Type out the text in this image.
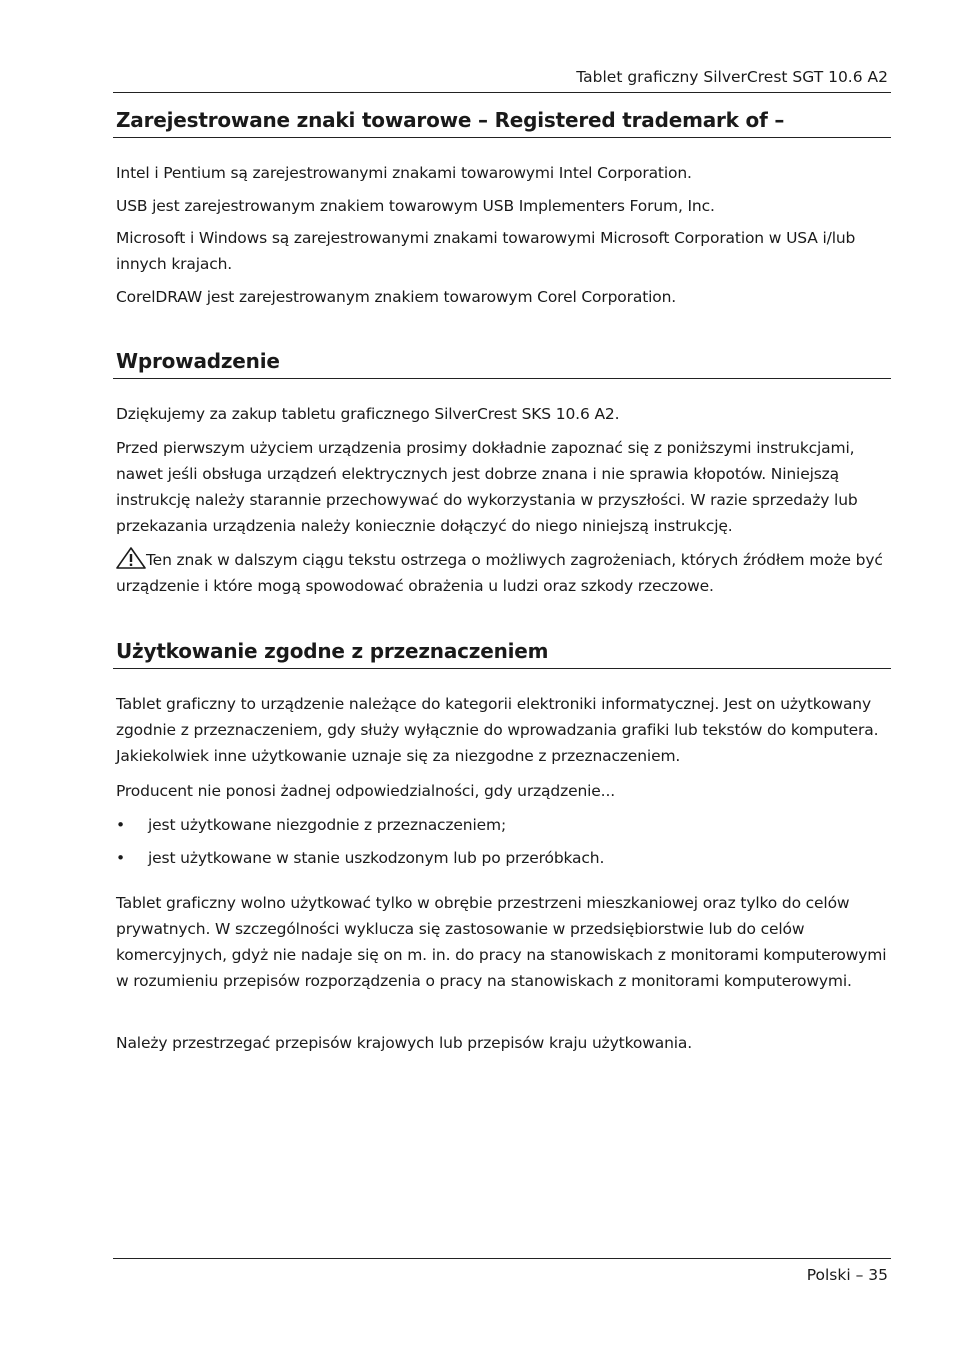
Tablet graficzny SilverCrest SGT 10.6 A2
Zarejestrowane znaki towarowe – Registered trademark of –

Intel i Pentium są zarejestrowanymi znakami towarowymi Intel Corporation.

USB jest zarejestrowanym znakiem towarowym USB Implementers Forum, Inc.

Microsoft i Windows są zarejestrowanymi znakami towarowymi Microsoft Corporation w USA i/lub innych krajach.

CorelDRAW jest zarejestrowanym znakiem towarowym Corel Corporation.

Wprowadzenie

Dziękujemy za zakup tabletu graficznego SilverCrest SKS 10.6 A2.

Przed pierwszym użyciem urządzenia prosimy dokładnie zapoznać się z poniższymi instrukcjami, nawet jeśli obsługa urządzeń elektrycznych jest dobrze znana i nie sprawia kłopotów. Niniejszą instrukcję należy starannie przechowywać do wykorzystania w przyszłości. W razie sprzedaży lub przekazania urządzenia należy koniecznie dołączyć do niego niniejszą instrukcję.

Ten znak w dalszym ciągu tekstu ostrzega o możliwych zagrożeniach, których źródłem może być urządzenie i które mogą spowodować obrażenia u ludzi oraz szkody rzeczowe.

Użytkowanie zgodne z przeznaczeniem

Tablet graficzny to urządzenie należące do kategorii elektroniki informatycznej. Jest on użytkowany zgodnie z przeznaczeniem, gdy służy wyłącznie do wprowadzania grafiki lub tekstów do komputera. Jakiekolwiek inne użytkowanie uznaje się za niezgodne z przeznaczeniem.

Producent nie ponosi żadnej odpowiedzialności, gdy urządzenie...

•	jest użytkowane niezgodnie z przeznaczeniem;
•	jest użytkowane w stanie uszkodzonym lub po przeróbkach.

Tablet graficzny wolno użytkować tylko w obrębie przestrzeni mieszkaniowej oraz tylko do celów prywatnych. W szczególności wyklucza się zastosowanie w przedsiębiorstwie lub do celów komercyjnych, gdyż nie nadaje się on m. in. do pracy na stanowiskach z monitorami komputerowymi w rozumieniu przepisów rozporządzenia o pracy na stanowiskach z monitorami komputerowymi.

Należy przestrzegać przepisów krajowych lub przepisów kraju użytkowania.

Polski – 35
